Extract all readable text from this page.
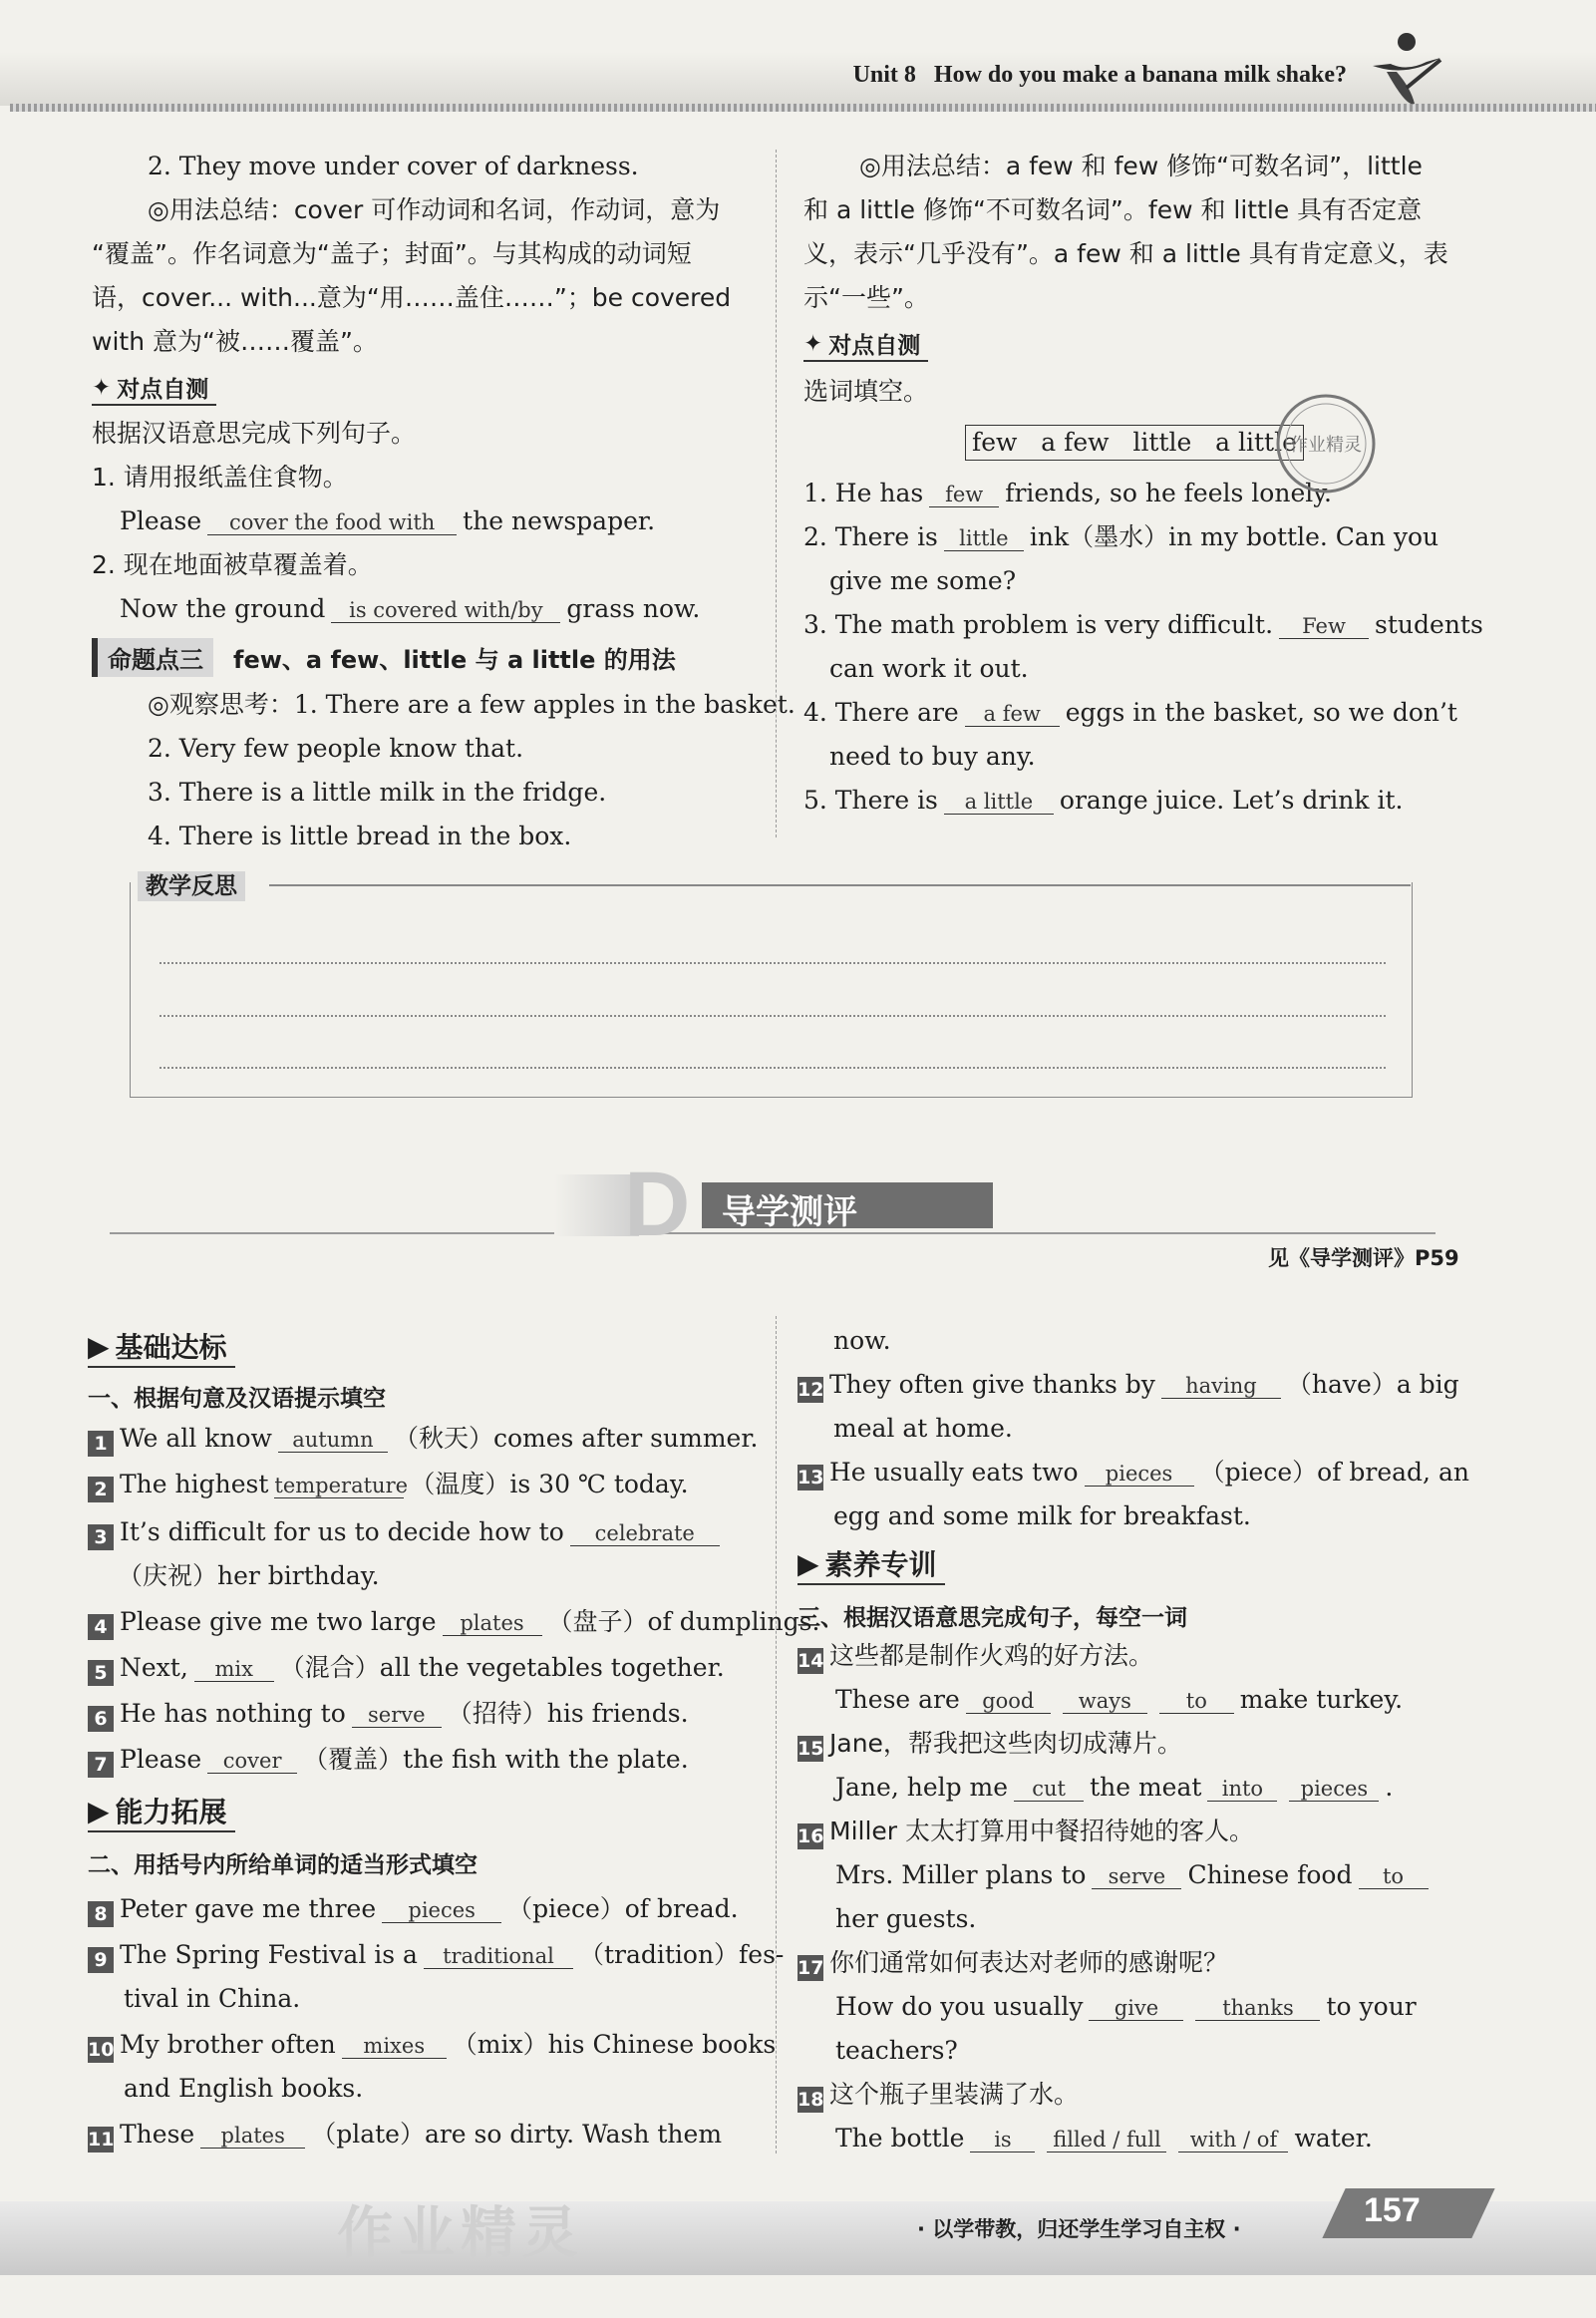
Unit 8 How do you make a banana milk shake?
2. They move under cover of darkness.
◎用法总结：cover 可作动词和名词，作动词，意为
“覆盖”。作名词意为“盖子；封面”。与其构成的动词短
语，cover... with...意为“用……盖住……”；be covered
with 意为“被……覆盖”。
✦ 对点自测
根据汉语意思完成下列句子。
1. 请用报纸盖住食物。
Please cover the food with the newspaper.
2. 现在地面被草覆盖着。
Now the ground is covered with/by grass now.
命题点三	few、a few、little 与 a little 的用法
◎观察思考：1. There are a few apples in the basket.
2. Very few people know that.
3. There is a little milk in the fridge.
4. There is little bread in the box.
◎用法总结：a few 和 few 修饰“可数名词”，little
和 a little 修饰“不可数名词”。few 和 little 具有否定意
义，表示“几乎没有”。a few 和 a little 具有肯定意义，表
示“一些”。
✦ 对点自测
选词填空。
few   a few   little   a little
1. He has few friends, so he feels lonely.
2. There is little ink（墨水）in my bottle. Can you
give me some?
3. The math problem is very difficult. Few students
can work it out.
4. There are a few eggs in the basket, so we don’t
need to buy any.
5. There is a little orange juice. Let’s drink it.
作业精灵
教学反思
D 导学测评
见《导学测评》P59
▶ 基础达标
一、根据句意及汉语提示填空
1 We all know autumn （秋天）comes after summer.
2 The highest temperature（温度）is 30 ℃ today.
3 It’s difficult for us to decide how to celebrate
4 Please give me two large plates （盘子）of dumplings.
5 Next, mix （混合）all the vegetables together.
6 He has nothing to serve （招待）his friends.
7 Please cover （覆盖）the fish with the plate.
（庆祝）her birthday.
▶ 能力拓展
二、用括号内所给单词的适当形式填空
8 Peter gave me three pieces （piece）of bread.
9 The Spring Festival is a traditional （tradition）fes-
10 My brother often mixes （mix）his Chinese books
11 These plates （plate）are so dirty. Wash them
tival in China.
and English books.
now.
12 They often give thanks by having （have）a big
meal at home.
13 He usually eats two pieces （piece）of bread, an
egg and some milk for breakfast.
▶ 素养专训
三、根据汉语意思完成句子，每空一词
14 这些都是制作火鸡的好方法。
These are good ways	to make turkey.
15 Jane，帮我把这些肉切成薄片。
Jane, help me cut the meat into pieces .
16 Miller 太太打算用中餐招待她的客人。
Mrs. Miller plans to serve Chinese food to
her guests.
17 你们通常如何表达对老师的感谢呢？
How do you usually give	thanks to your
teachers?
18 这个瓶子里装满了水。
The bottle is filled / full with / of water.
作业精灵	· 以学带教，归还学生学习自主权 ·	157
